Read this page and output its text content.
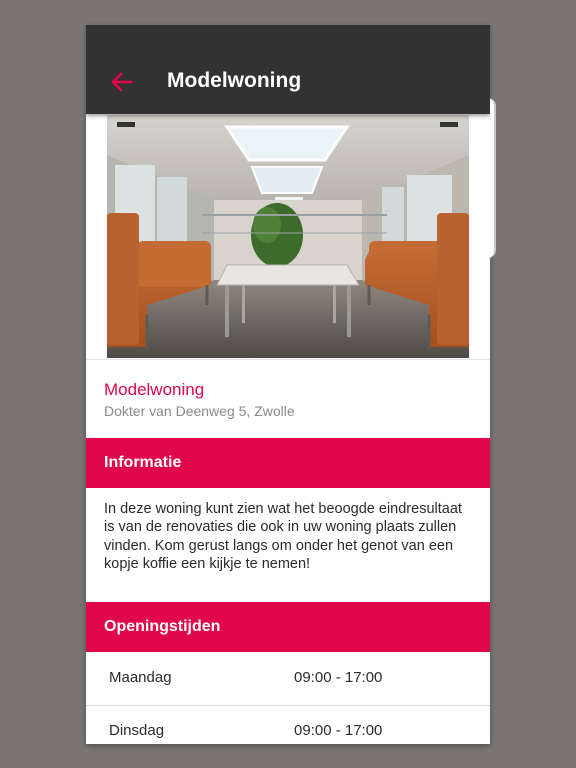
Modelwoning
Modelwoning
Dokter van Deenweg 5, Zwolle
Informatie
In deze woning kunt zien wat het beoogde eindresultaat is van de renovaties die ook in uw woning plaats zullen vinden. Kom gerust langs om onder het genot van een kopje koffie een kijkje te nemen!
Openingstijden
Maandag	09:00 - 17:00
Dinsdag	09:00 - 17:00
